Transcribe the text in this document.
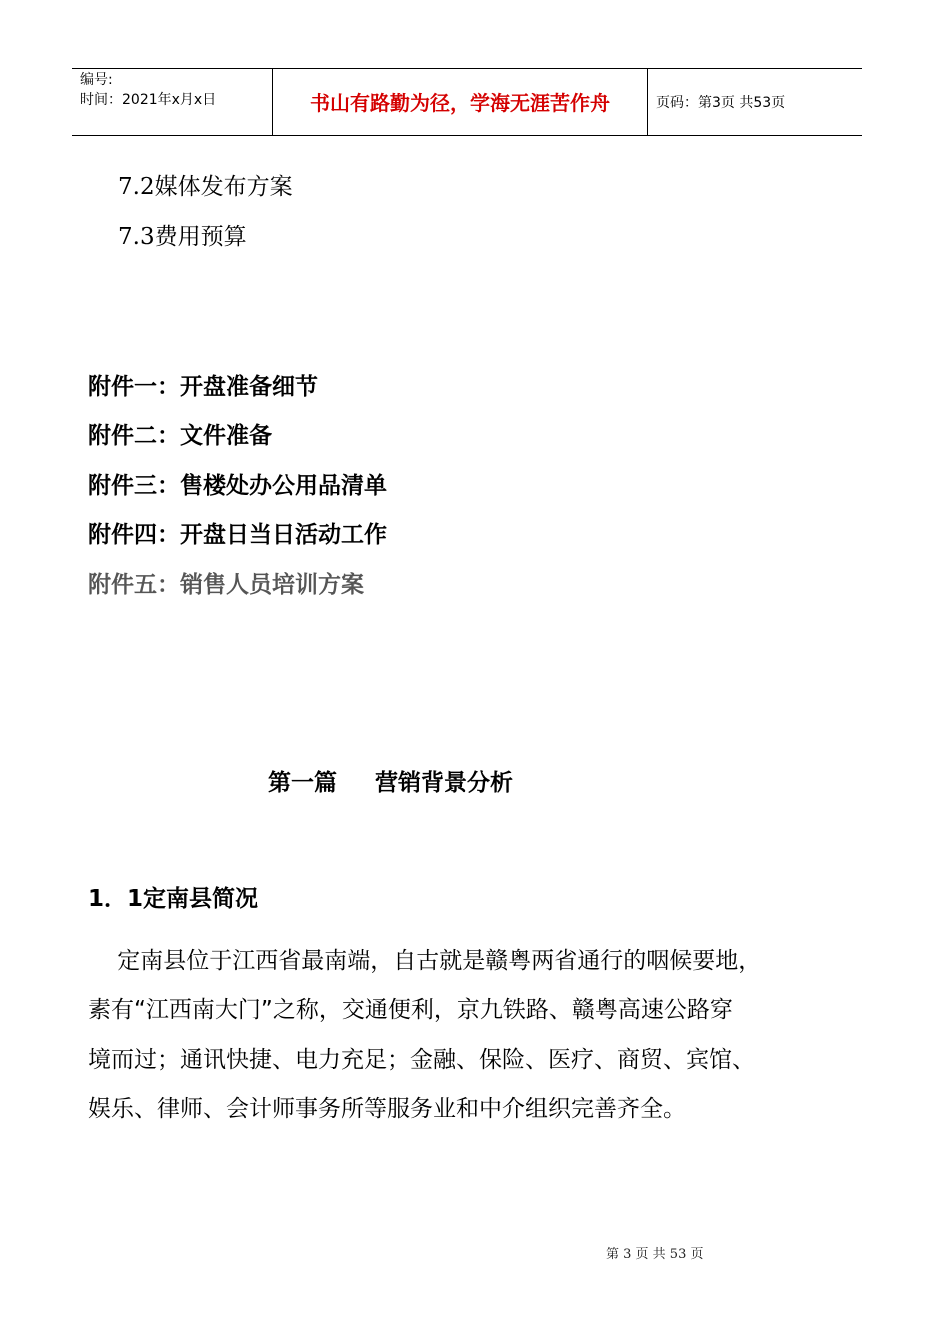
编号:
时间：2021年x月x日	书山有路勤为径，学海无涯苦作舟	页码：第3页 共53页
7.2媒体发布方案
7.3费用预算
附件一：开盘准备细节
附件二：文件准备
附件三：售楼处办公用品清单
附件四：开盘日当日活动工作
附件五：销售人员培训方案
第一篇 营销背景分析
1．1定南县简况
定南县位于江西省最南端，自古就是赣粤两省通行的咽候要地，
素有“江西南大门”之称，交通便利，京九铁路、赣粤高速公路穿
境而过；通讯快捷、电力充足；金融、保险、医疗、商贸、宾馆、
娱乐、律师、会计师事务所等服务业和中介组织完善齐全。
第 3 页 共 53 页
